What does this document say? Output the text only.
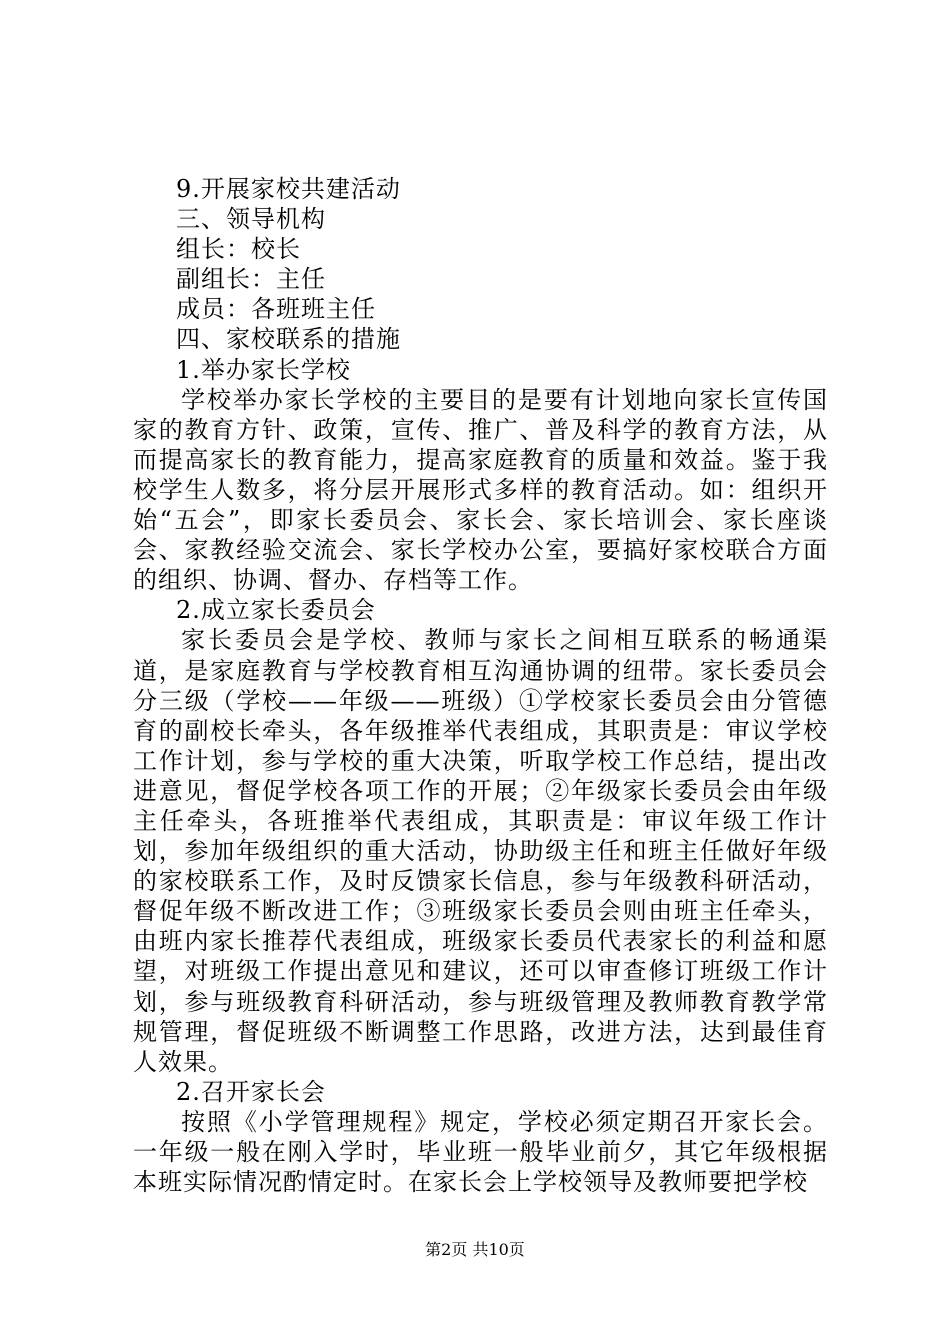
9.开展家校共建活动

三、领导机构

组长：校长

副组长：主任

成员：各班班主任

四、家校联系的措施

1.举办家长学校

学校举办家长学校的主要目的是要有计划地向家长宣传国家的教育方针、政策，宣传、推广、普及科学的教育方法，从而提高家长的教育能力，提高家庭教育的质量和效益。鉴于我校学生人数多，将分层开展形式多样的教育活动。如：组织开始“五会”，即家长委员会、家长会、家长培训会、家长座谈会、家教经验交流会、家长学校办公室，要搞好家校联合方面的组织、协调、督办、存档等工作。

2.成立家长委员会

家长委员会是学校、教师与家长之间相互联系的畅通渠道，是家庭教育与学校教育相互沟通协调的纽带。家长委员会分三级（学校——年级——班级）①学校家长委员会由分管德育的副校长牵头，各年级推举代表组成，其职责是：审议学校工作计划，参与学校的重大决策，听取学校工作总结，提出改进意见，督促学校各项工作的开展；②年级家长委员会由年级主任牵头，各班推举代表组成，其职责是：审议年级工作计划，参加年级组织的重大活动，协助级主任和班主任做好年级的家校联系工作，及时反馈家长信息，参与年级教科研活动，督促年级不断改进工作；③班级家长委员会则由班主任牵头，由班内家长推荐代表组成，班级家长委员代表家长的利益和愿望，对班级工作提出意见和建议，还可以审查修订班级工作计划，参与班级教育科研活动，参与班级管理及教师教育教学常规管理，督促班级不断调整工作思路，改进方法，达到最佳育人效果。

2.召开家长会

按照《小学管理规程》规定，学校必须定期召开家长会。一年级一般在刚入学时，毕业班一般毕业前夕，其它年级根据本班实际情况酌情定时。在家长会上学校领导及教师要把学校

第2页 共10页
